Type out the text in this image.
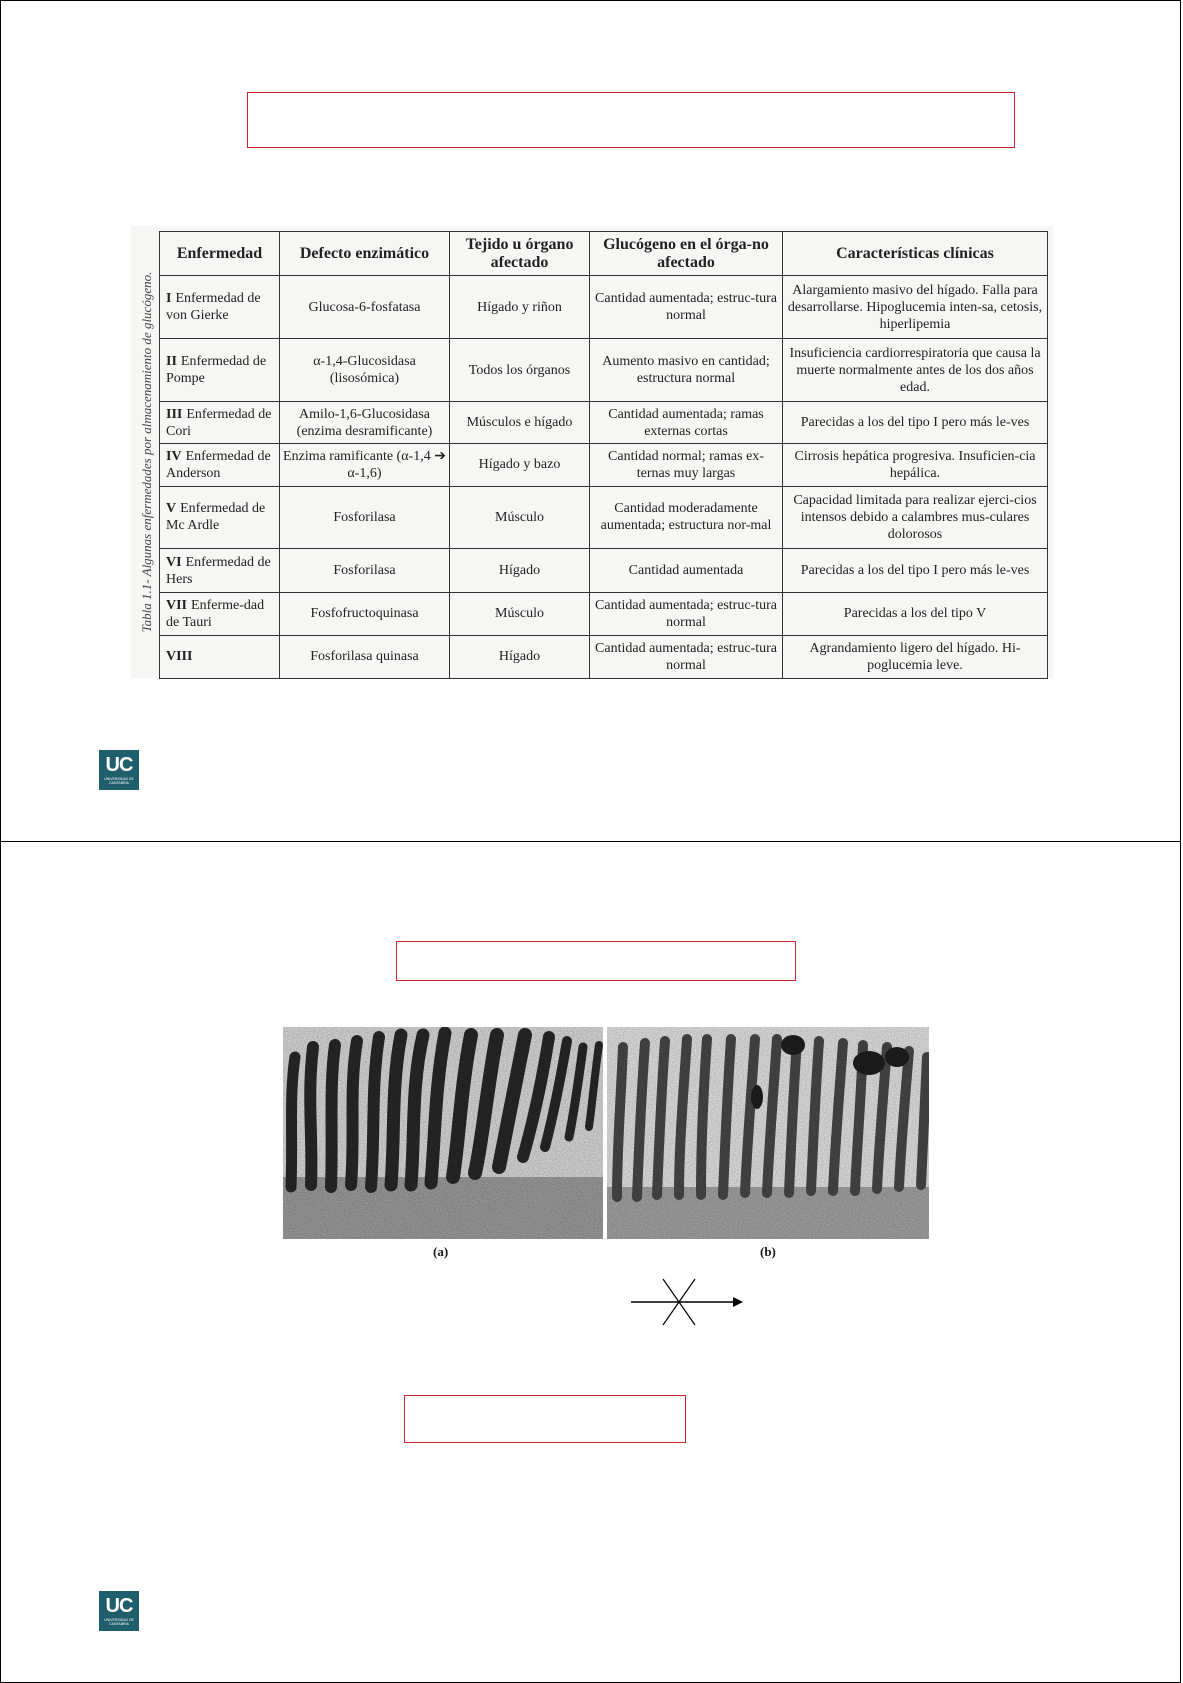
Tabla 1.1- Algunas enfermedades por almacenamiento de glucógeno.
Enfermedad	Defecto enzimático	Tejido u órgano afectado	Glucógeno en el órga-no afectado	Características clínicas
I Enfermedad de von Gierke	Glucosa-6-fosfatasa	Hígado y riñon	Cantidad aumentada; estruc-tura normal	Alargamiento masivo del hígado. Falla para desarrollarse. Hipoglucemia inten-sa, cetosis, hiperlipemia
II Enfermedad de Pompe	α-1,4-Glucosidasa (lisosómica)	Todos los órganos	Aumento masivo en cantidad; estructura normal	Insuficiencia cardiorrespiratoria que causa la muerte normalmente antes de los dos años edad.
III Enfermedad de Cori	Amilo-1,6-Glucosidasa (enzima desramificante)	Músculos e hígado	Cantidad aumentada; ramas externas cortas	Parecidas a los del tipo I pero más le-ves
IV Enfermedad de Anderson	Enzima ramificante (α-1,4 ➔ α-1,6)	Hígado y bazo	Cantidad normal; ramas ex-ternas muy largas	Cirrosis hepática progresiva. Insuficien-cia hepálica.
V Enfermedad de Mc Ardle	Fosforilasa	Músculo	Cantidad moderadamente aumentada; estructura nor-mal	Capacidad limitada para realizar ejerci-cios intensos debido a calambres mus-culares dolorosos
VI Enfermedad de Hers	Fosforilasa	Hígado	Cantidad aumentada	Parecidas a los del tipo I pero más le-ves
VII Enferme-dad de Tauri	Fosfofructoquinasa	Músculo	Cantidad aumentada; estruc-tura normal	Parecidas a los del tipo V
VIII	Fosforilasa quinasa	Hígado	Cantidad aumentada; estruc-tura normal	Agrandamiento ligero del hígado. Hi-poglucemia leve.
UC
UNIVERSIDAD DE CANTABRIA
UC
UNIVERSIDAD DE CANTABRIA
(a)	(b)
